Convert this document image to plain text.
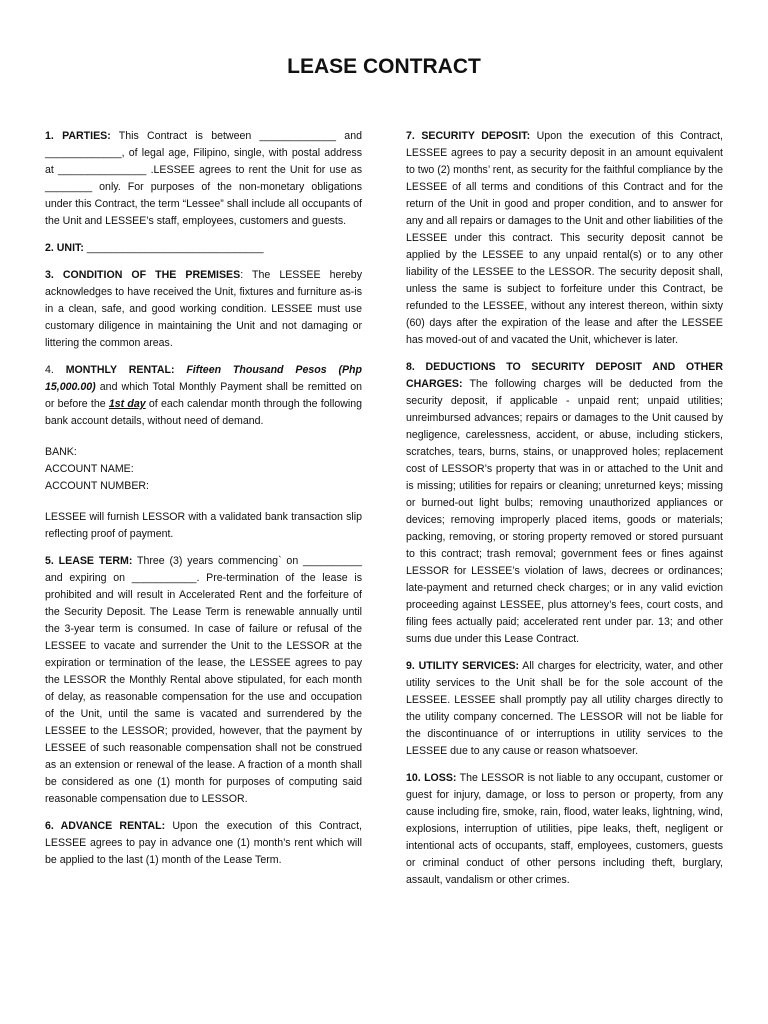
LEASE CONTRACT

1. PARTIES: This Contract is between _____________ and _____________, of legal age, Filipino, single, with postal address at _______________ .LESSEE agrees to rent the Unit for use as ________ only. For purposes of the non-monetary obligations under this Contract, the term “Lessee” shall include all occupants of the Unit and LESSEE’s staff, employees, customers and guests.

2. UNIT: ______________________________

3. CONDITION OF THE PREMISES: The LESSEE hereby acknowledges to have received the Unit, fixtures and furniture as-is in a clean, safe, and good working condition. LESSEE must use customary diligence in maintaining the Unit and not damaging or littering the common areas.

4. MONTHLY RENTAL: Fifteen Thousand Pesos (Php 15,000.00) and which Total Monthly Payment shall be remitted on or before the 1st day of each calendar month through the following bank account details, without need of demand.

BANK:
ACCOUNT NAME:
ACCOUNT NUMBER:

LESSEE will furnish LESSOR with a validated bank transaction slip reflecting proof of payment.

5. LEASE TERM: Three (3) years commencing` on __________ and expiring on ___________. Pre-termination of the lease is prohibited and will result in Accelerated Rent and the forfeiture of the Security Deposit. The Lease Term is renewable annually until the 3-year term is consumed. In case of failure or refusal of the LESSEE to vacate and surrender the Unit to the LESSOR at the expiration or termination of the lease, the LESSEE agrees to pay the LESSOR the Monthly Rental above stipulated, for each month of delay, as reasonable compensation for the use and occupation of the Unit, until the same is vacated and surrendered by the LESSEE to the LESSOR; provided, however, that the payment by LESSEE of such reasonable compensation shall not be construed as an extension or renewal of the lease. A fraction of a month shall be considered as one (1) month for purposes of computing said reasonable compensation due to LESSOR.

6. ADVANCE RENTAL: Upon the execution of this Contract, LESSEE agrees to pay in advance one (1) month’s rent which will be applied to the last (1) month of the Lease Term.

7. SECURITY DEPOSIT: Upon the execution of this Contract, LESSEE agrees to pay a security deposit in an amount equivalent to two (2) months’ rent, as security for the faithful compliance by the LESSEE of all terms and conditions of this Contract and for the return of the Unit in good and proper condition, and to answer for any and all repairs or damages to the Unit and other liabilities of the LESSEE under this contract. This security deposit cannot be applied by the LESSEE to any unpaid rental(s) or to any other liability of the LESSEE to the LESSOR. The security deposit shall, unless the same is subject to forfeiture under this Contract, be refunded to the LESSEE, without any interest thereon, within sixty (60) days after the expiration of the lease and after the LESSEE has moved-out of and vacated the Unit, whichever is later.

8. DEDUCTIONS TO SECURITY DEPOSIT AND OTHER CHARGES: The following charges will be deducted from the security deposit, if applicable - unpaid rent; unpaid utilities; unreimbursed advances; repairs or damages to the Unit caused by negligence, carelessness, accident, or abuse, including stickers, scratches, tears, burns, stains, or unapproved holes; replacement cost of LESSOR’s property that was in or attached to the Unit and is missing; utilities for repairs or cleaning; unreturned keys; missing or burned-out light bulbs; removing unauthorized appliances or devices; removing improperly placed items, goods or materials; packing, removing, or storing property removed or stored pursuant to this contract; trash removal; government fees or fines against LESSOR for LESSEE’s violation of laws, decrees or ordinances; late-payment and returned check charges; or in any valid eviction proceeding against LESSEE, plus attorney’s fees, court costs, and filing fees actually paid; accelerated rent under par. 13; and other sums due under this Lease Contract.

9. UTILITY SERVICES: All charges for electricity, water, and other utility services to the Unit shall be for the sole account of the LESSEE. LESSEE shall promptly pay all utility charges directly to the utility company concerned. The LESSOR will not be liable for the discontinuance of or interruptions in utility services to the LESSEE due to any cause or reason whatsoever.

10. LOSS: The LESSOR is not liable to any occupant, customer or guest for injury, damage, or loss to person or property, from any cause including fire, smoke, rain, flood, water leaks, lightning, wind, explosions, interruption of utilities, pipe leaks, theft, negligent or intentional acts of occupants, staff, employees, customers, guests or criminal conduct of other persons including theft, burglary, assault, vandalism or other crimes.
